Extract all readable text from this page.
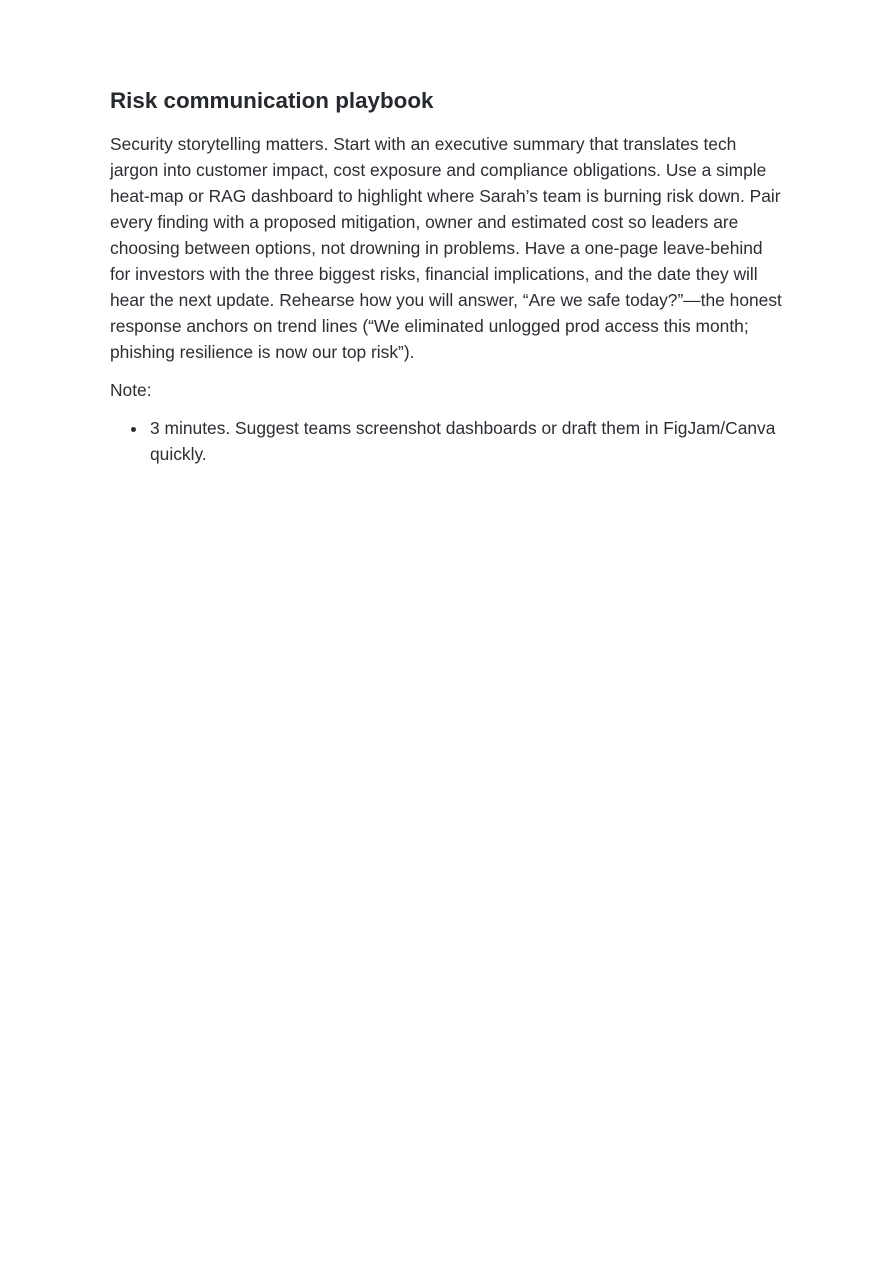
Risk communication playbook

Security storytelling matters. Start with an executive summary that translates tech jargon into customer impact, cost exposure and compliance obligations. Use a simple heat-map or RAG dashboard to highlight where Sarah’s team is burning risk down. Pair every finding with a proposed mitigation, owner and estimated cost so leaders are choosing between options, not drowning in problems. Have a one-page leave-behind for investors with the three biggest risks, financial implications, and the date they will hear the next update. Rehearse how you will answer, “Are we safe today?”—the honest response anchors on trend lines (“We eliminated unlogged prod access this month; phishing resilience is now our top risk”).

Note:

• 3 minutes. Suggest teams screenshot dashboards or draft them in FigJam/Canva quickly.
